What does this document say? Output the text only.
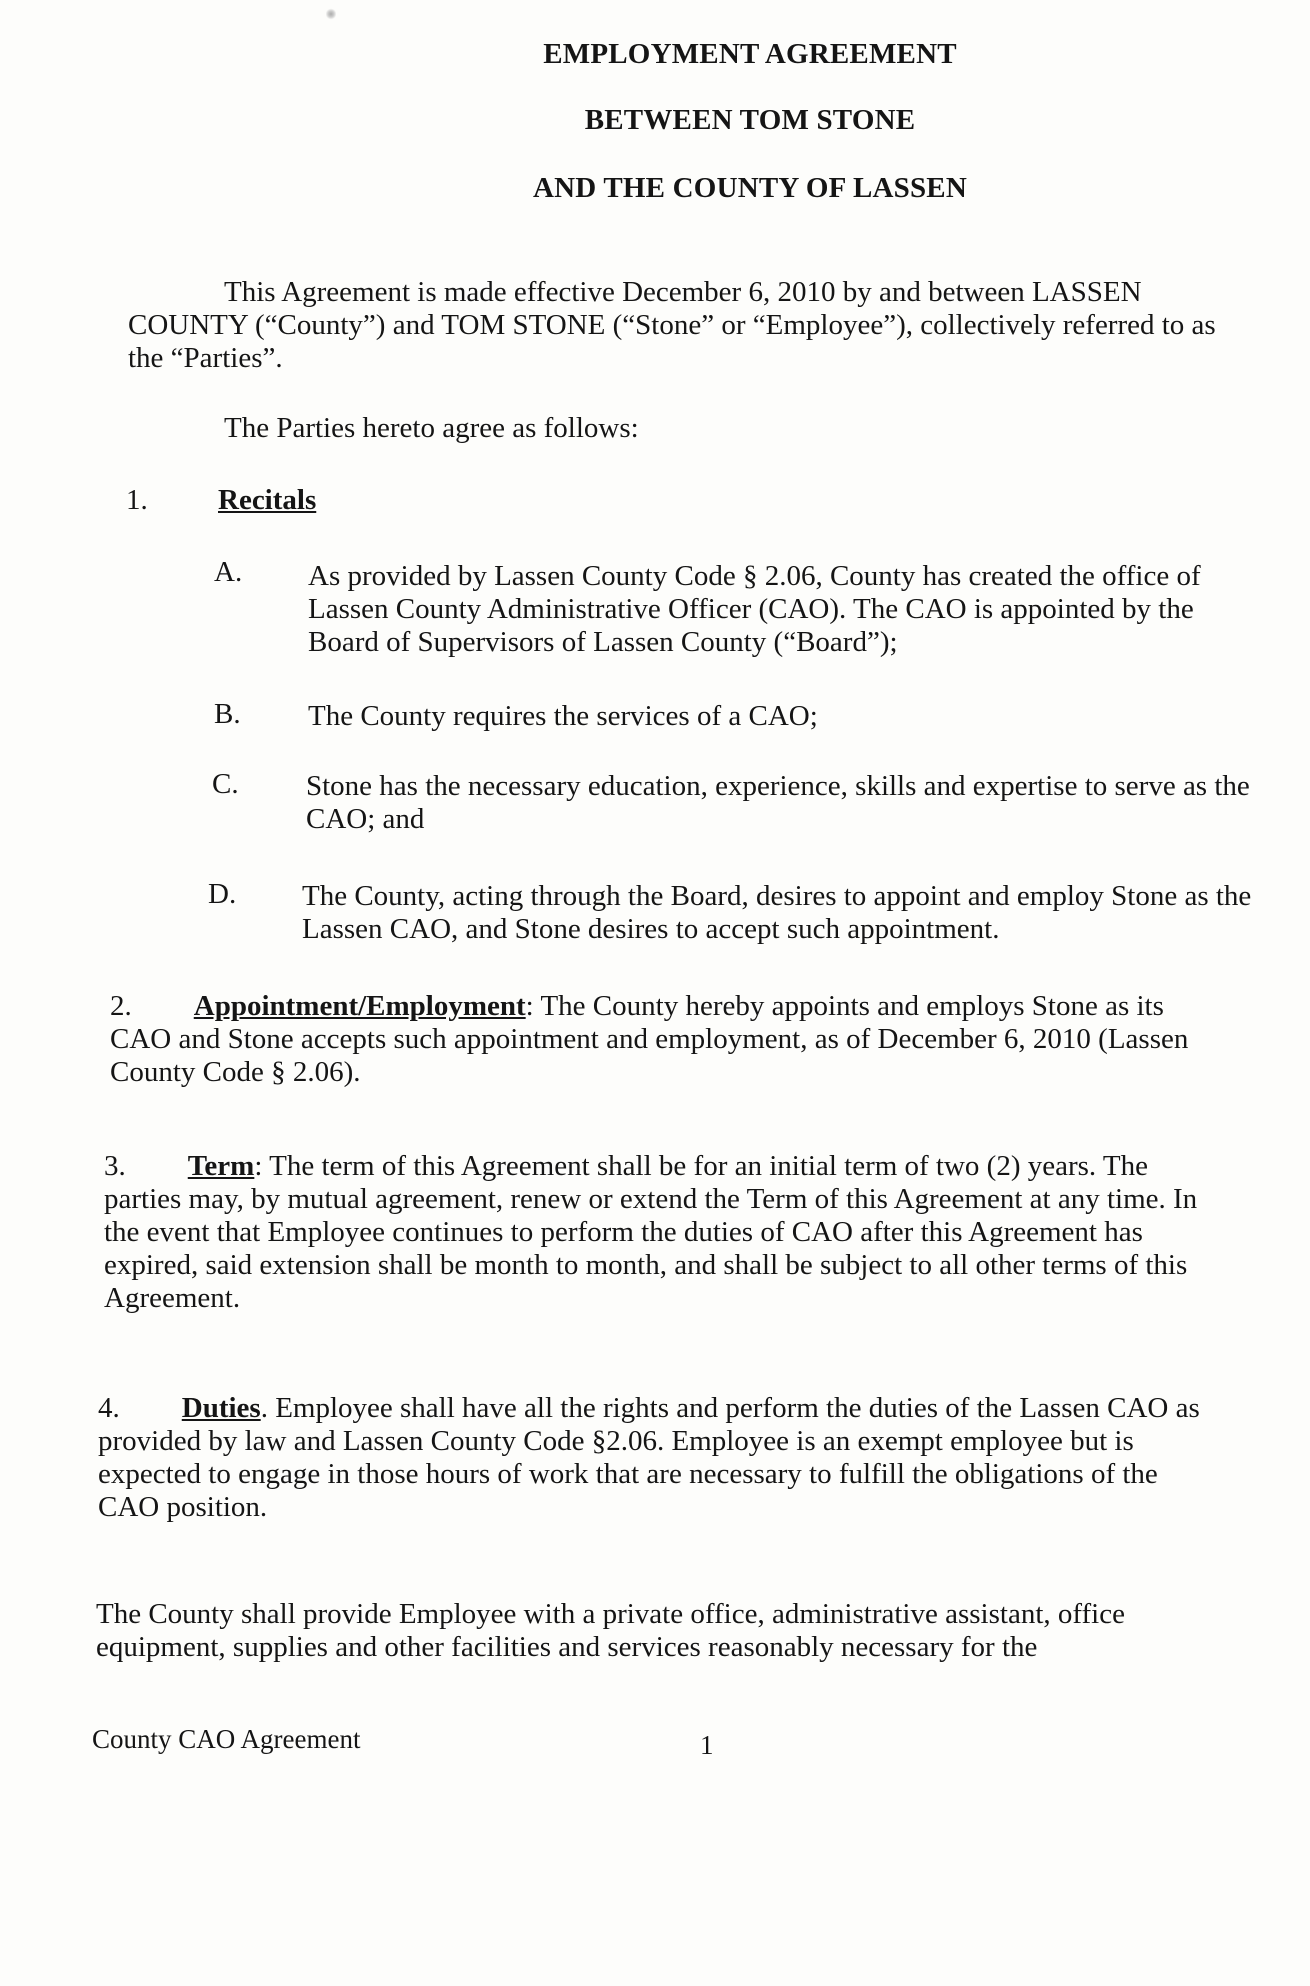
EMPLOYMENT AGREEMENT
BETWEEN TOM STONE
AND THE COUNTY OF LASSEN

This Agreement is made effective December 6, 2010 by and between LASSEN COUNTY (“County”) and TOM STONE (“Stone” or “Employee”), collectively referred to as the “Parties”.

The Parties hereto agree as follows:

1. Recitals

A. As provided by Lassen County Code § 2.06, County has created the office of Lassen County Administrative Officer (CAO). The CAO is appointed by the Board of Supervisors of Lassen County (“Board”);

B. The County requires the services of a CAO;

C. Stone has the necessary education, experience, skills and expertise to serve as the CAO; and

D. The County, acting through the Board, desires to appoint and employ Stone as the Lassen CAO, and Stone desires to accept such appointment.

2. Appointment/Employment: The County hereby appoints and employs Stone as its CAO and Stone accepts such appointment and employment, as of December 6, 2010 (Lassen County Code § 2.06).

3. Term: The term of this Agreement shall be for an initial term of two (2) years. The parties may, by mutual agreement, renew or extend the Term of this Agreement at any time. In the event that Employee continues to perform the duties of CAO after this Agreement has expired, said extension shall be month to month, and shall be subject to all other terms of this Agreement.

4. Duties. Employee shall have all the rights and perform the duties of the Lassen CAO as provided by law and Lassen County Code §2.06. Employee is an exempt employee but is expected to engage in those hours of work that are necessary to fulfill the obligations of the CAO position.

The County shall provide Employee with a private office, administrative assistant, office equipment, supplies and other facilities and services reasonably necessary for the

County CAO Agreement	1
